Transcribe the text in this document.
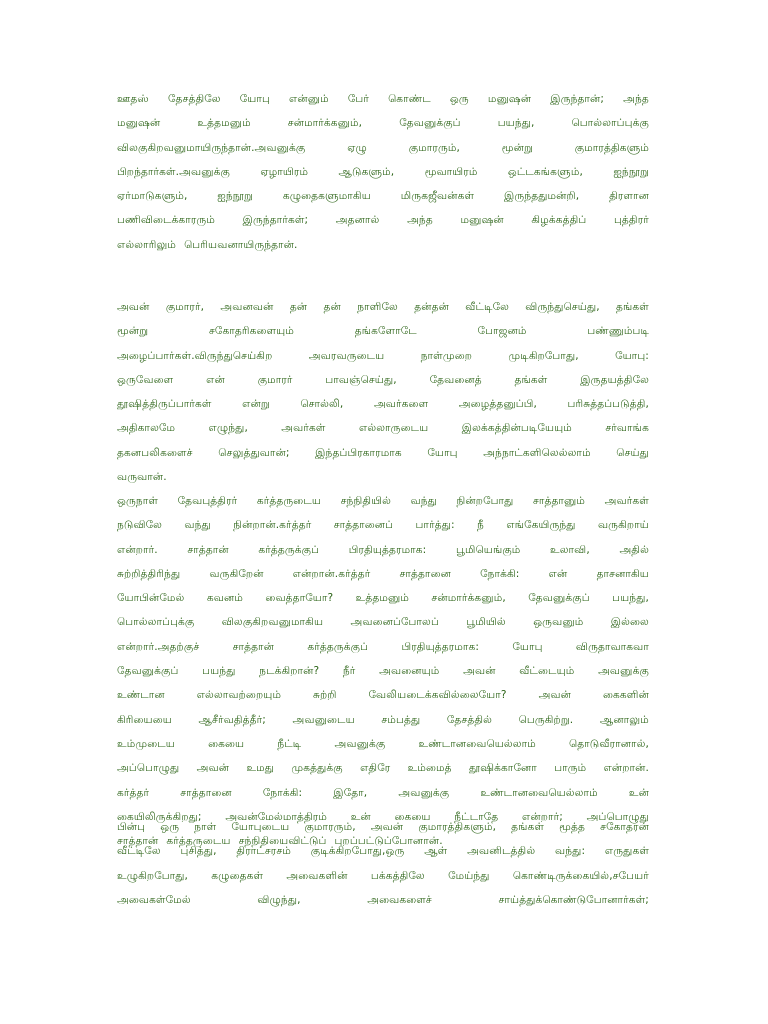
ஊதஸ் தேசத்திலே யோபு என்னும் பேர் கொண்ட ஒரு மனுஷன் இருந்தான்; அந்த
மனுஷன்	உத்தமனும்	சன்மார்க்கனும்,	தேவனுக்குப்	பயந்து,	பொல்லாப்புக்கு
விலகுகிறவனுமாயிருந்தான்.அவனுக்கு	ஏழு	குமாரரும்,	மூன்று	குமாரத்திகளும்
பிறந்தார்கள்.அவனுக்கு	ஏழாயிரம்	ஆடுகளும்,	மூவாயிரம்	ஒட்டகங்களும்,	ஐந்நூறு
ஏர்மாடுகளும்,	ஐந்நூறு	கழுதைகளுமாகிய	மிருகஜீவன்கள்	இருந்ததுமன்றி,	திரளான
பணிவிடைக்காரரும்	இருந்தார்கள்;	அதனால்	அந்த	மனுஷன்	கிழக்கத்திப்	புத்திரர்
எல்லாரிலும் பெரியவனாயிருந்தான்.
அவன் குமாரர், அவனவன் தன் தன் நாளிலே தன்தன் வீட்டிலே விருந்துசெய்து, தங்கள்
மூன்று	சகோதரிகளையும்	தங்களோடே	போஜனம்	பண்ணும்படி
அழைப்பார்கள்.விருந்துசெய்கிற	அவரவருடைய	நாள்முறை	முடிகிறபோது,	யோபு:
ஒருவேளை	என்	குமாரர்	பாவஞ்செய்து,	தேவனைத்	தங்கள்	இருதயத்திலே
தூஷித்திருப்பார்கள்	என்று	சொல்லி,	அவர்களை	அழைத்தனுப்பி,	பரிசுத்தப்படுத்தி,
அதிகாலமே	எழுந்து,	அவர்கள்	எல்லாருடைய	இலக்கத்தின்படியேயும்	சர்வாங்க
தகனபலிகளைச் செலுத்துவான்; இந்தப்பிரகாரமாக யோபு அந்நாட்களிலெல்லாம் செய்து
வருவான்.
ஒருநாள் தேவபுத்திரர் கர்த்தருடைய சந்நிதியில் வந்து நின்றபோது சாத்தானும் அவர்கள்
நடுவிலே வந்து நின்றான்.கர்த்தர் சாத்தானைப் பார்த்து: நீ எங்கேயிருந்து வருகிறாய்
என்றார்.	சாத்தான்	கர்த்தருக்குப்	பிரதியுத்தரமாக:	பூமியெங்கும்	உலாவி,	அதில்
சுற்றித்திரிந்து	வருகிறேன்	என்றான்.கர்த்தர்	சாத்தானை	நோக்கி:	என்	தாசனாகிய
யோபின்மேல் கவனம் வைத்தாயோ? உத்தமனும் சன்மார்க்கனும், தேவனுக்குப் பயந்து,
பொல்லாப்புக்கு	விலகுகிறவனுமாகிய	அவனைப்போலப்	பூமியில்	ஒருவனும்	இல்லை
என்றார்.அதற்குச்	சாத்தான்	கர்த்தருக்குப்	பிரதியுத்தரமாக:	யோபு	விருதாவாகவா
தேவனுக்குப் பயந்து நடக்கிறான்? நீர் அவனையும் அவன் வீட்டையும் அவனுக்கு
உண்டான	எல்லாவற்றையும்	சுற்றி	வேலியடைக்கவில்லையோ?	அவன்	கைகளின்
கிரியையை	ஆசீர்வதித்தீர்;	அவனுடைய	சம்பத்து	தேசத்தில்	பெருகிற்று.	ஆனாலும்
உம்முடைய	கையை	நீட்டி	அவனுக்கு	உண்டானவையெல்லாம்	தொடுவீரானால்,
அப்பொழுது அவன் உமது முகத்துக்கு எதிரே உம்மைத் தூஷிக்கானோ பாரும் என்றான்.
கர்த்தர்	சாத்தானை	நோக்கி:	இதோ,	அவனுக்கு	உண்டானவையெல்லாம்	உன்
கையிலிருக்கிறது; அவன்மேல்மாத்திரம் உன் கையை நீட்டாதே என்றார்; அப்பொழுது
சாத்தான் கர்த்தருடைய சந்நிதியைவிட்டுப் புறப்பட்டுப்போனான்.
பின்பு ஒரு நாள் யோபுடைய குமாரரும், அவன் குமாரத்திகளும், தங்கள் மூத்த சகோதரன்
வீட்டிலே புசித்து, திராட்சரசம் குடிக்கிறபோது,ஒரு ஆள் அவனிடத்தில் வந்து: எருதுகள்
உழுகிறபோது, கழுதைகள் அவைகளின் பக்கத்திலே மேய்ந்து கொண்டிருக்கையில்,சபேயர்
அவைகள்மேல்	விழுந்து,	அவைகளைச்	சாய்த்துக்கொண்டுபோனார்கள்;
